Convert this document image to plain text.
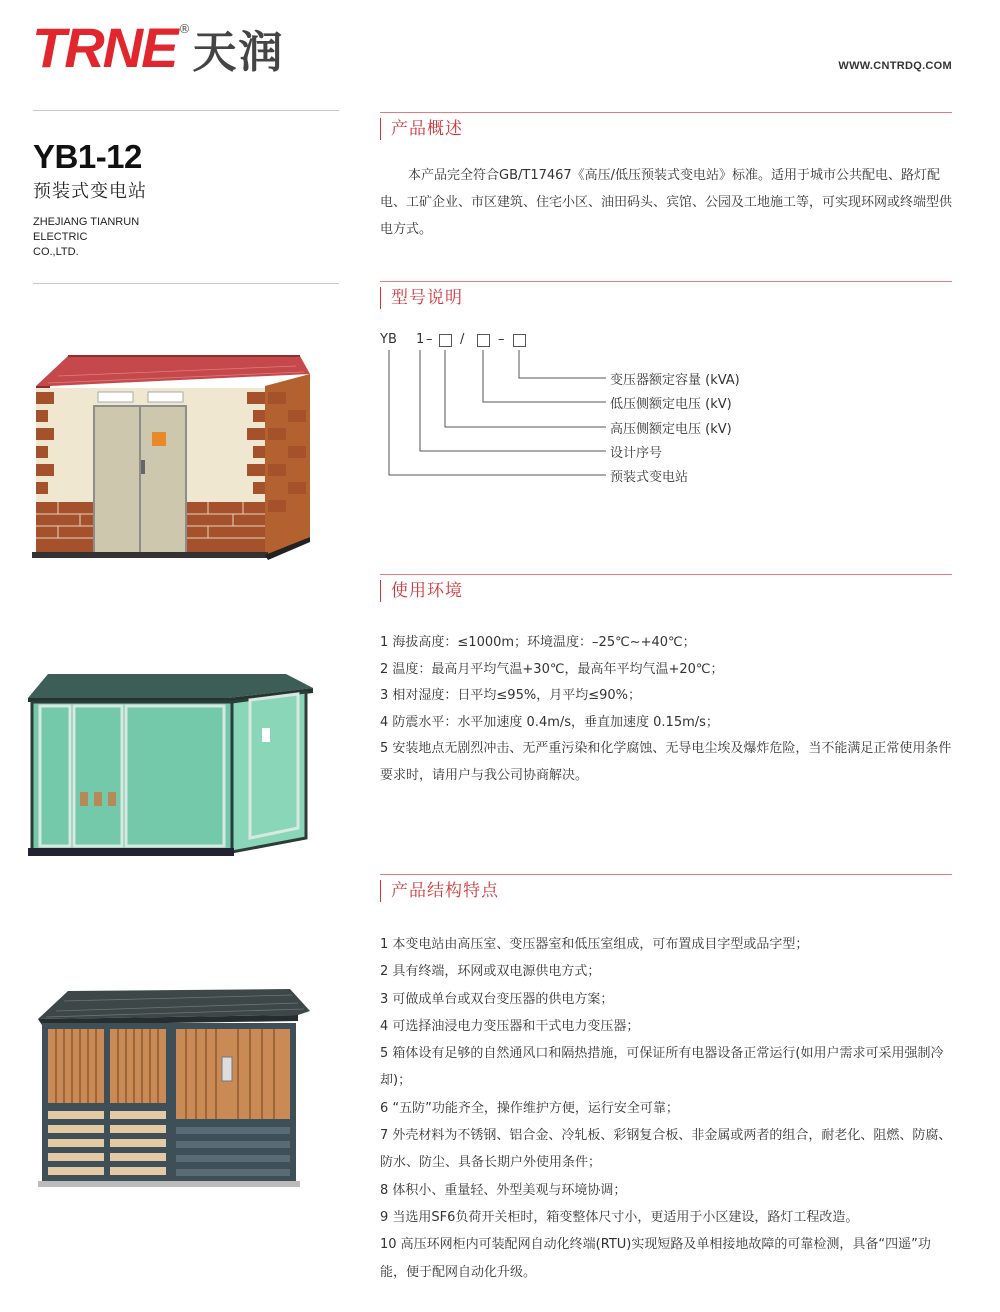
TRNE ® 天润	WWW.CNTRDQ.COM
YB1-12
预装式变电站
ZHEJIANG TIANRUN
ELECTRIC
CO.,LTD.
产品概述

本产品完全符合GB/T17467《高压/低压预装式变电站》标准。适用于城市公共配电、路灯配电、工矿企业、市区建筑、住宅小区、油田码头、宾馆、公园及工地施工等，可实现环网或终端型供电方式。

型号说明
YB 1 – /	–
变压器额定容量 (kVA)
低压侧额定电压 (kV)
高压侧额定电压 (kV)
设计序号
预装式变电站
使用环境
1 海拔高度：≤1000m；环境温度：–25℃~+40℃；
2 温度：最高月平均气温+30℃，最高年平均气温+20℃；
3 相对湿度：日平均≤95%，月平均≤90%；
4 防震水平：水平加速度 0.4m/s，垂直加速度 0.15m/s；
5 安装地点无剧烈冲击、无严重污染和化学腐蚀、无导电尘埃及爆炸危险，当不能满足正常使用条件要求时，请用户与我公司协商解决。
产品结构特点
1 本变电站由高压室、变压器室和低压室组成，可布置成目字型或品字型；
2 具有终端，环网或双电源供电方式；
3 可做成单台或双台变压器的供电方案；
4 可选择油浸电力变压器和干式电力变压器；
5 箱体设有足够的自然通风口和隔热措施，可保证所有电器设备正常运行(如用户需求可采用强制冷却)；
6 “五防”功能齐全，操作维护方便，运行安全可靠；
7 外壳材料为不锈钢、铝合金、冷轧板、彩钢复合板、非金属或两者的组合，耐老化、阻燃、防腐、防水、防尘、具备长期户外使用条件；
8 体积小、重量轻、外型美观与环境协调；
9 当选用SF6负荷开关柜时，箱变整体尺寸小，更适用于小区建设，路灯工程改造。
10 高压环网柜内可装配网自动化终端(RTU)实现短路及单相接地故障的可靠检测，具备“四遥”功能，便于配网自动化升级。
